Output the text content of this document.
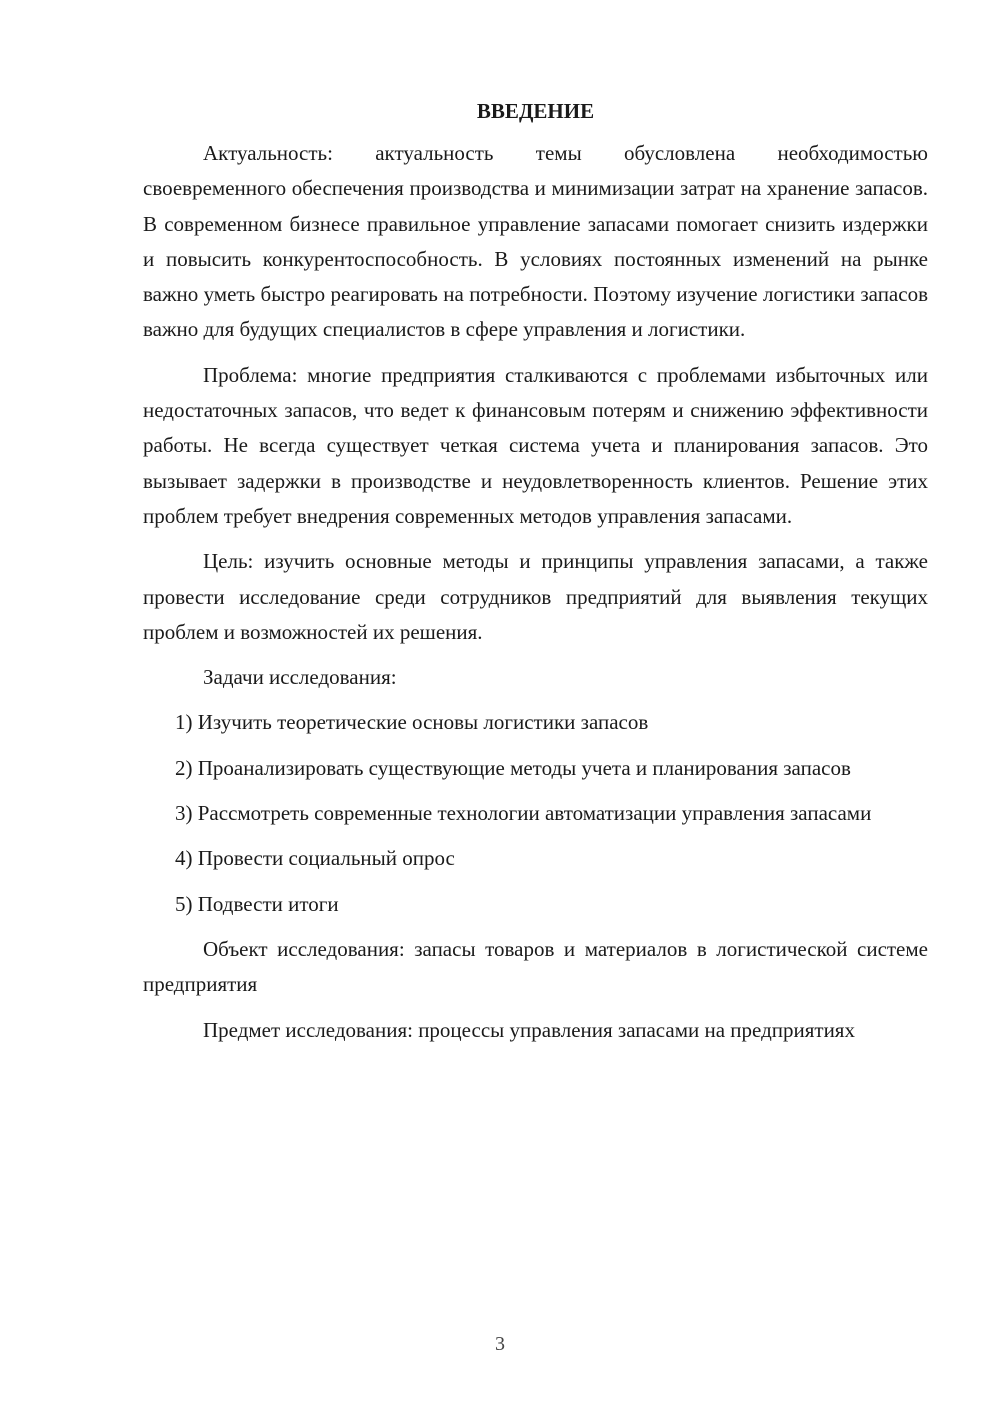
ВВЕДЕНИЕ

Актуальность: актуальность темы обусловлена необходимостью своевременного обеспечения производства и минимизации затрат на хранение запасов. В современном бизнесе правильное управление запасами помогает снизить издержки и повысить конкурентоспособность. В условиях постоянных изменений на рынке важно уметь быстро реагировать на потребности. Поэтому изучение логистики запасов важно для будущих специалистов в сфере управления и логистики.

Проблема: многие предприятия сталкиваются с проблемами избыточных или недостаточных запасов, что ведет к финансовым потерям и снижению эффективности работы. Не всегда существует четкая система учета и планирования запасов. Это вызывает задержки в производстве и неудовлетворенность клиентов. Решение этих проблем требует внедрения современных методов управления запасами.

Цель: изучить основные методы и принципы управления запасами, а также провести исследование среди сотрудников предприятий для выявления текущих проблем и возможностей их решения.

Задачи исследования:

1) Изучить теоретические основы логистики запасов

2) Проанализировать существующие методы учета и планирования запасов

3) Рассмотреть современные технологии автоматизации управления запасами

4) Провести социальный опрос

5) Подвести итоги

Объект исследования: запасы товаров и материалов в логистической системе предприятия

Предмет исследования: процессы управления запасами на предприятиях

3
